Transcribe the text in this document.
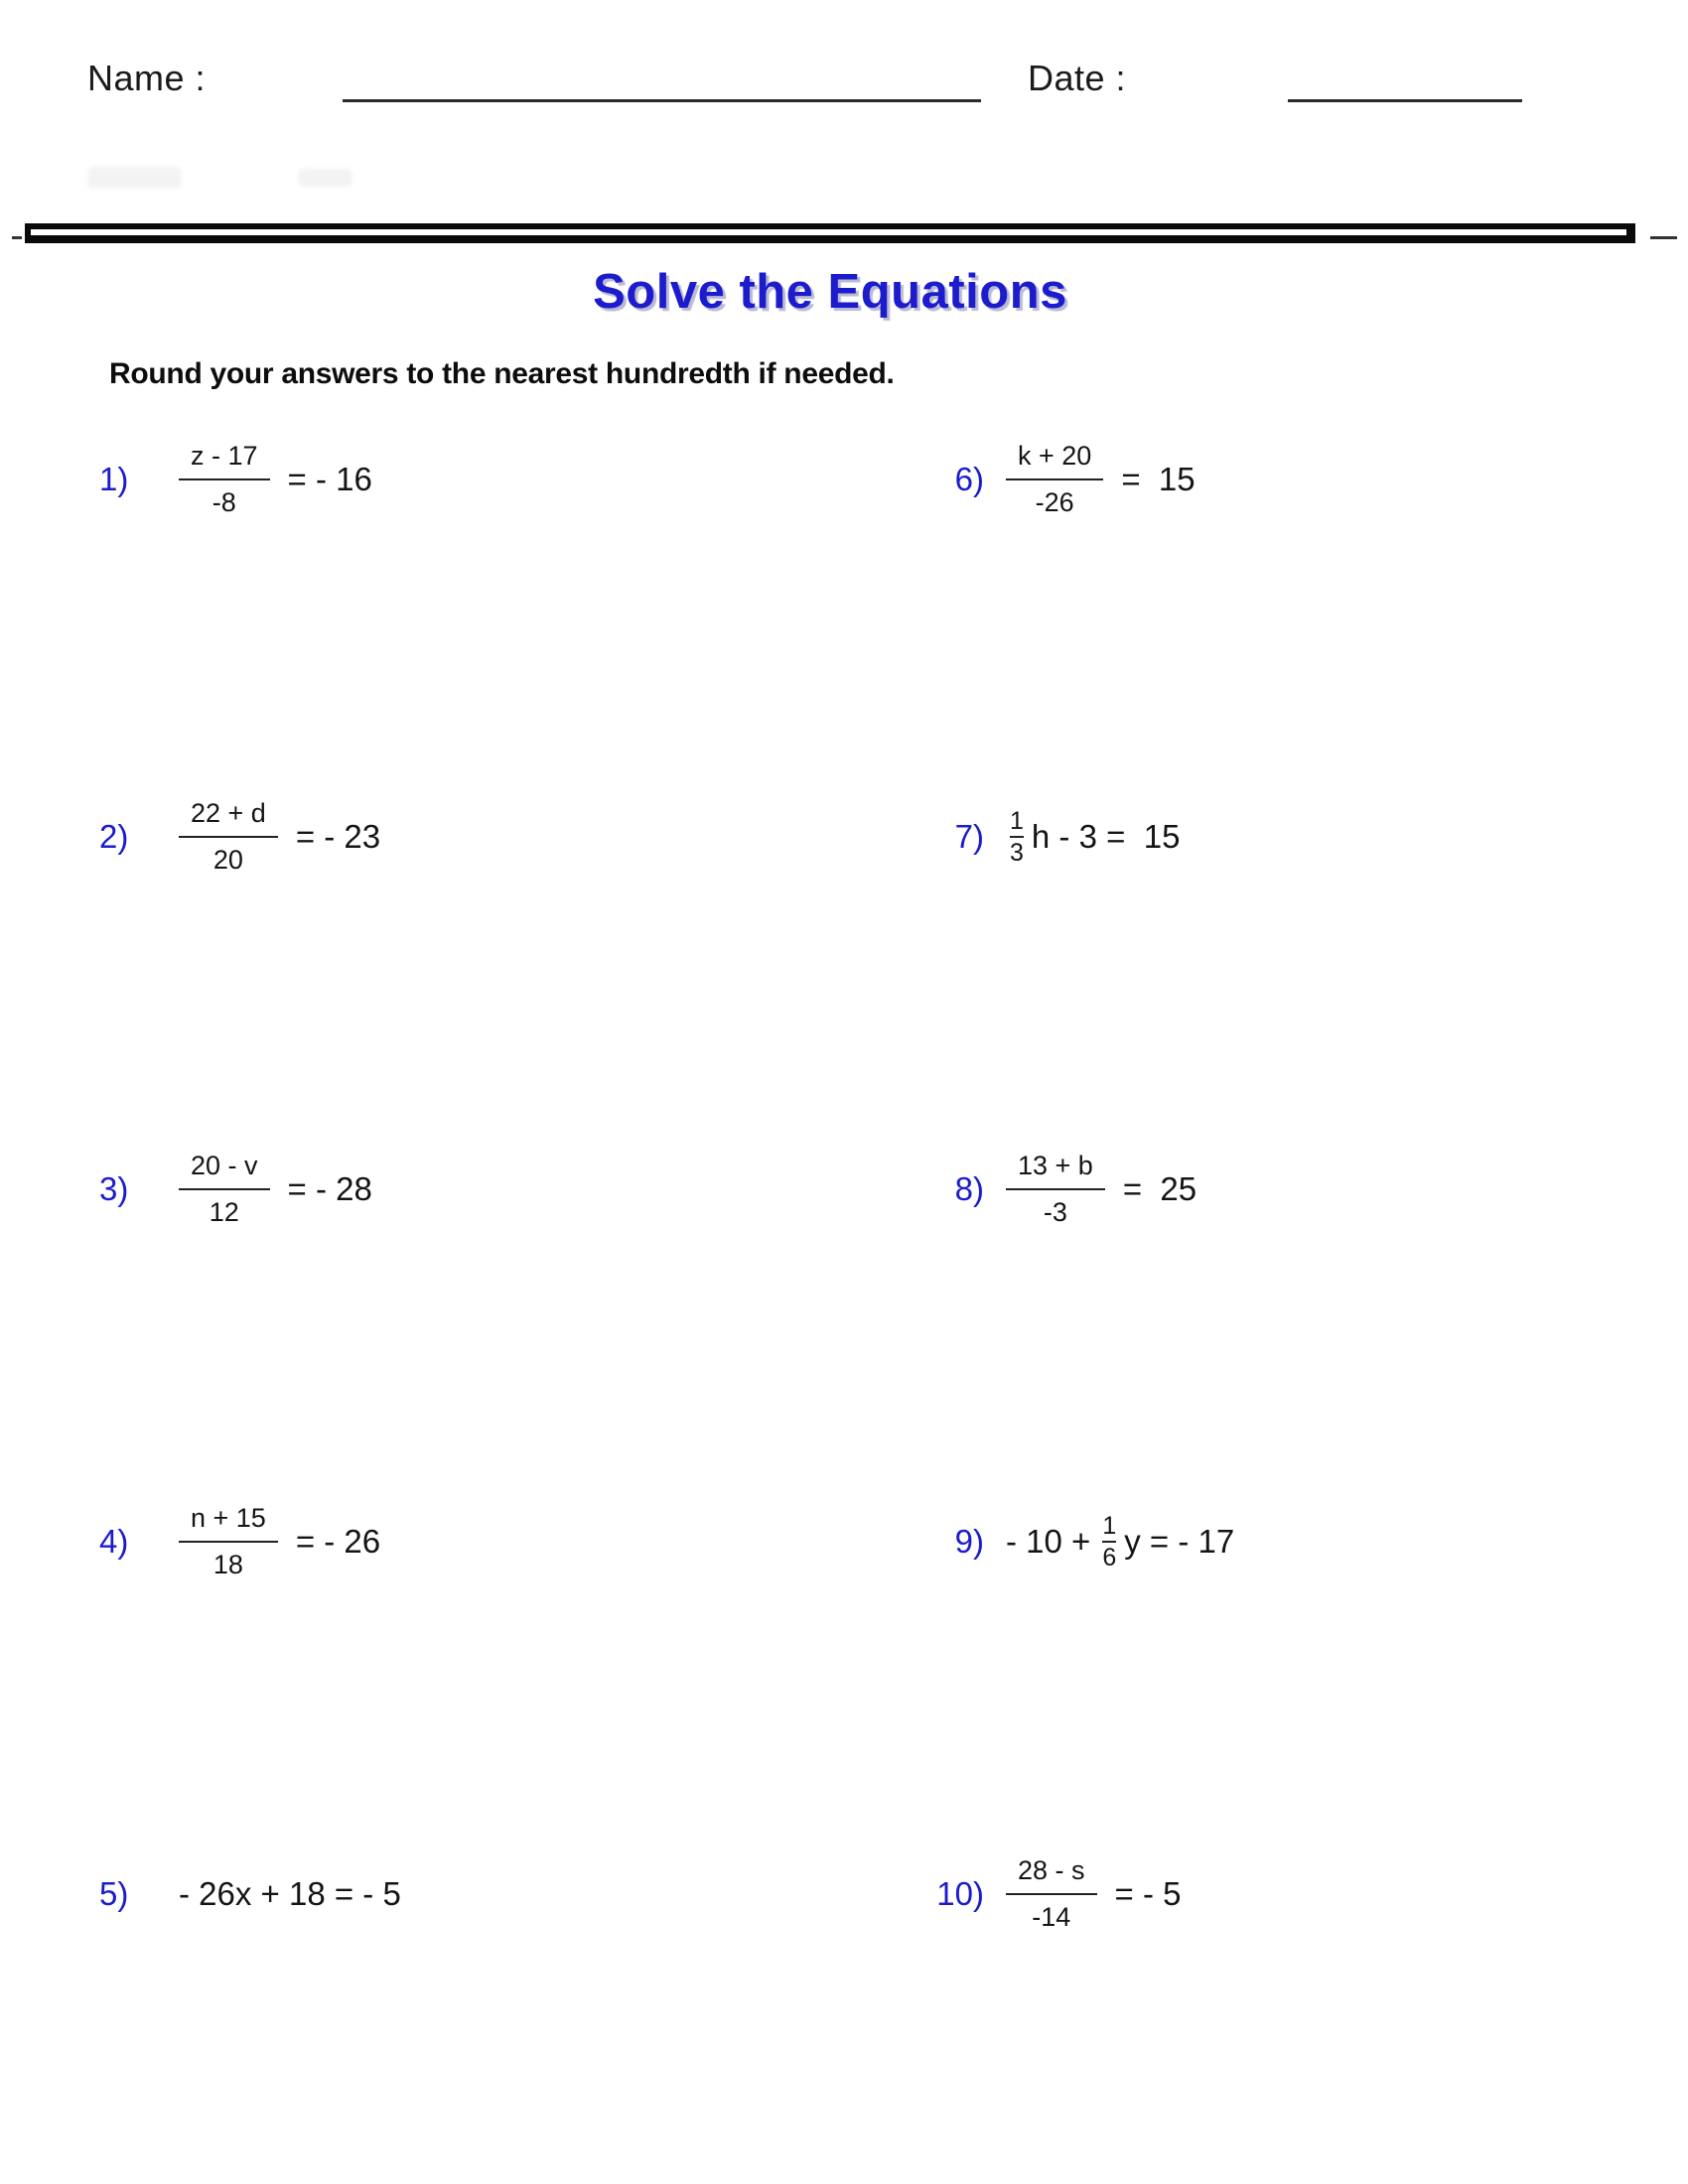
Name :	Date :
Solve the Equations
Round your answers to the nearest hundredth if needed.
1)	$\frac{z - 17}{-8}$ = - 16
2)	$\frac{22 + d}{20}$ = - 23
3)	$\frac{20 - v}{12}$ = - 28
4)	$\frac{n + 15}{18}$ = - 26
5)	- 26x + 18 = - 5
$6) \frac{k + 20}{-26} = 15$
7) 1
3 h - 3 =  15
$8) \frac{13 + b}{-3} = 25$
9) - 10 + 1
6 y = - 17
$10) \frac{28 - s}{-14}$ = - 5
